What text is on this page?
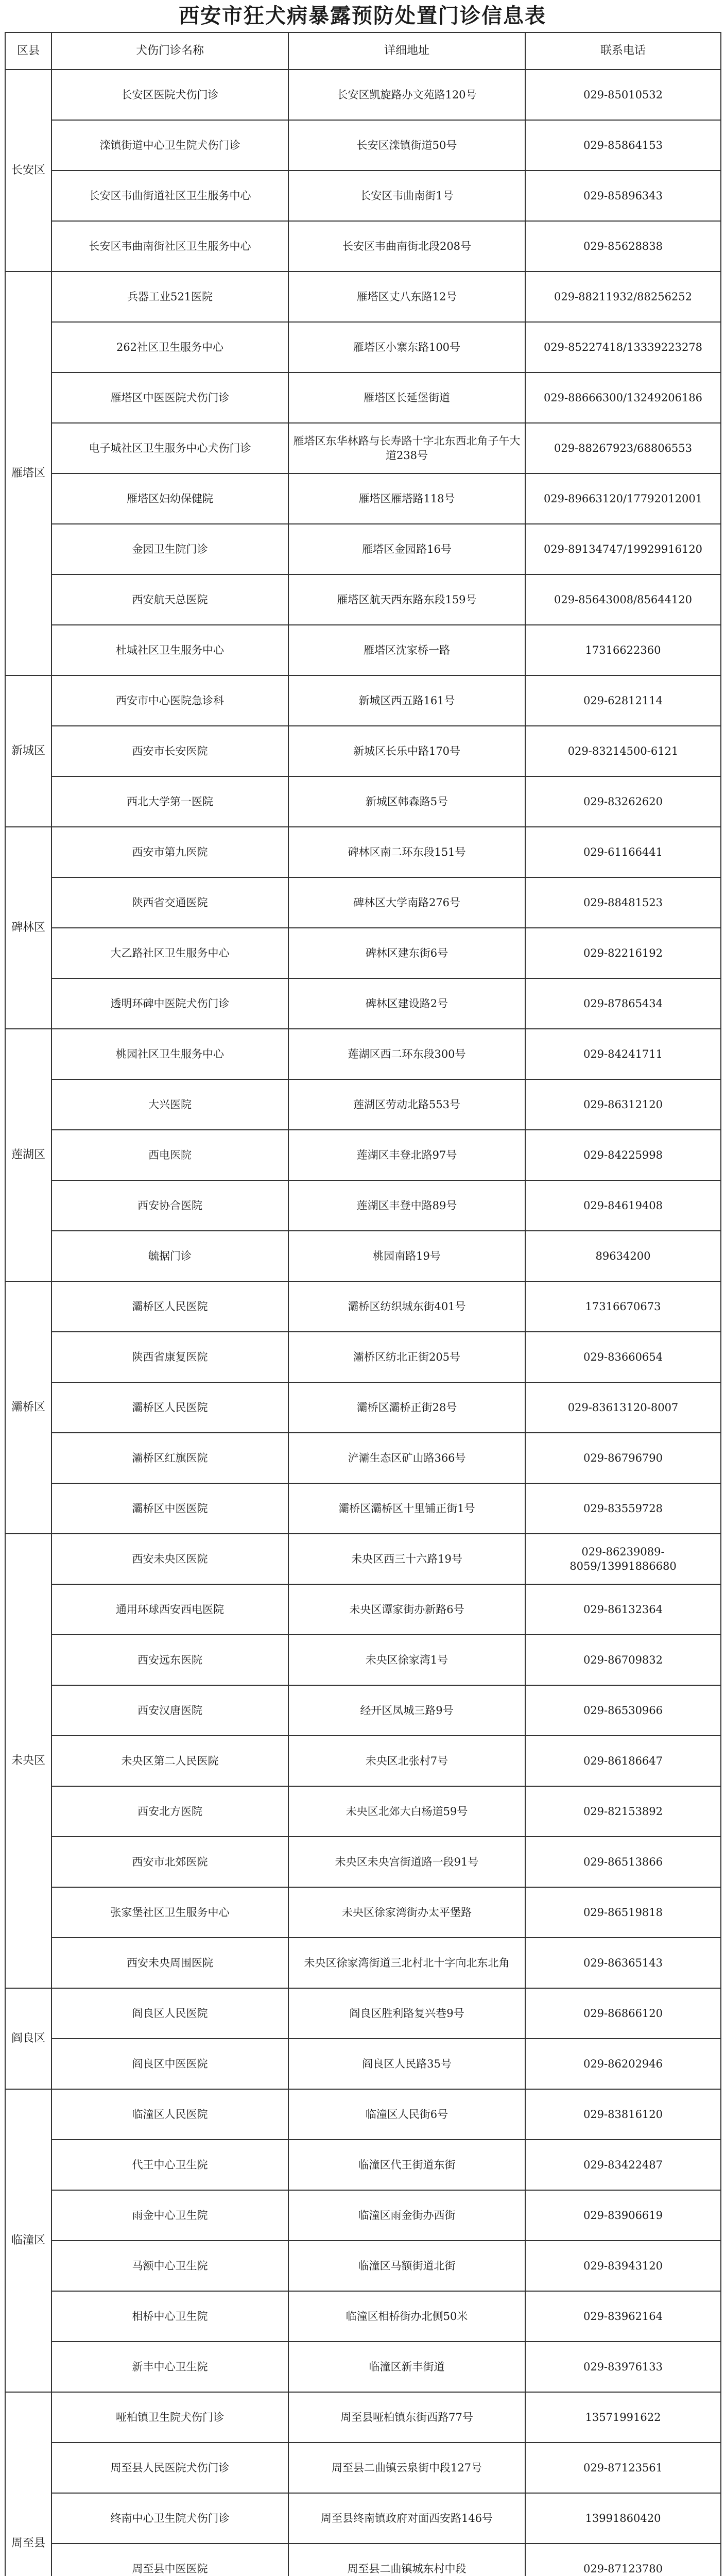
西安市狂犬病暴露预防处置门诊信息表
区县	犬伤门诊名称	详细地址	联系电话
长安区	长安区医院犬伤门诊	长安区凯旋路办文苑路120号	029-85010532
	滦镇街道中心卫生院犬伤门诊	长安区滦镇街道50号	029-85864153
	长安区韦曲街道社区卫生服务中心	长安区韦曲南街1号	029-85896343
	长安区韦曲南街社区卫生服务中心	长安区韦曲南街北段208号	029-85628838
雁塔区	兵器工业521医院	雁塔区丈八东路12号	029-88211932/88256252
	262社区卫生服务中心	雁塔区小寨东路100号	029-85227418/13339223278
	雁塔区中医医院犬伤门诊	雁塔区长延堡街道	029-88666300/13249206186
	电子城社区卫生服务中心犬伤门诊	雁塔区东华林路与长寿路十字北东西北角子午大道238号	029-88267923/68806553
	雁塔区妇幼保健院	雁塔区雁塔路118号	029-89663120/17792012001
	金园卫生院门诊	雁塔区金园路16号	029-89134747/19929916120
	西安航天总医院	雁塔区航天西东路东段159号	029-85643008/85644120
	杜城社区卫生服务中心	雁塔区沈家桥一路	17316622360
新城区	西安市中心医院急诊科	新城区西五路161号	029-62812114
	西安市长安医院	新城区长乐中路170号	029-83214500-6121
	西北大学第一医院	新城区韩森路5号	029-83262620
碑林区	西安市第九医院	碑林区南二环东段151号	029-61166441
	陕西省交通医院	碑林区大学南路276号	029-88481523
	大乙路社区卫生服务中心	碑林区建东街6号	029-82216192
	透明环碑中医院犬伤门诊	碑林区建设路2号	029-87865434
莲湖区	桃园社区卫生服务中心	莲湖区西二环东段300号	029-84241711
	大兴医院	莲湖区劳动北路553号	029-86312120
	西电医院	莲湖区丰登北路97号	029-84225998
	西安协合医院	莲湖区丰登中路89号	029-84619408
	毓据门诊	桃园南路19号	89634200
灞桥区	灞桥区人民医院	灞桥区纺织城东街401号	17316670673
	陕西省康复医院	灞桥区纺北正街205号	029-83660654
	灞桥区人民医院	灞桥区灞桥正街28号	029-83613120-8007
	灞桥区红旗医院	浐灞生态区矿山路366号	029-86796790
	灞桥区中医医院	灞桥区灞桥区十里铺正街1号	029-83559728
未央区	西安未央区医院	未央区西三十六路19号	029-86239089-8059/13991886680
	通用环球西安西电医院	未央区谭家街办新路6号	029-86132364
	西安远东医院	未央区徐家湾1号	029-86709832
	西安汉唐医院	经开区凤城三路9号	029-86530966
	未央区第二人民医院	未央区北张村7号	029-86186647
	西安北方医院	未央区北郊大白杨道59号	029-82153892
	西安市北郊医院	未央区未央宫街道路一段91号	029-86513866
	张家堡社区卫生服务中心	未央区徐家湾街办太平堡路	029-86519818
	西安未央周围医院	未央区徐家湾街道三北村北十字向北东北角	029-86365143
阎良区	阎良区人民医院	阎良区胜利路复兴巷9号	029-86866120
	阎良区中医医院	阎良区人民路35号	029-86202946
临潼区	临潼区人民医院	临潼区人民街6号	029-83816120
	代王中心卫生院	临潼区代王街道东街	029-83422487
	雨金中心卫生院	临潼区雨金街办西街	029-83906619
	马额中心卫生院	临潼区马额街道北街	029-83943120
	相桥中心卫生院	临潼区相桥街办北侧50米	029-83962164
	新丰中心卫生院	临潼区新丰街道	029-83976133
周至县	哑柏镇卫生院犬伤门诊	周至县哑柏镇东街西路77号	13571991622
	周至县人民医院犬伤门诊	周至县二曲镇云泉街中段127号	029-87123561
	终南中心卫生院犬伤门诊	周至县终南镇政府对面西安路146号	13991860420
	周至县中医医院	周至县二曲镇城东村中段	029-87123780
